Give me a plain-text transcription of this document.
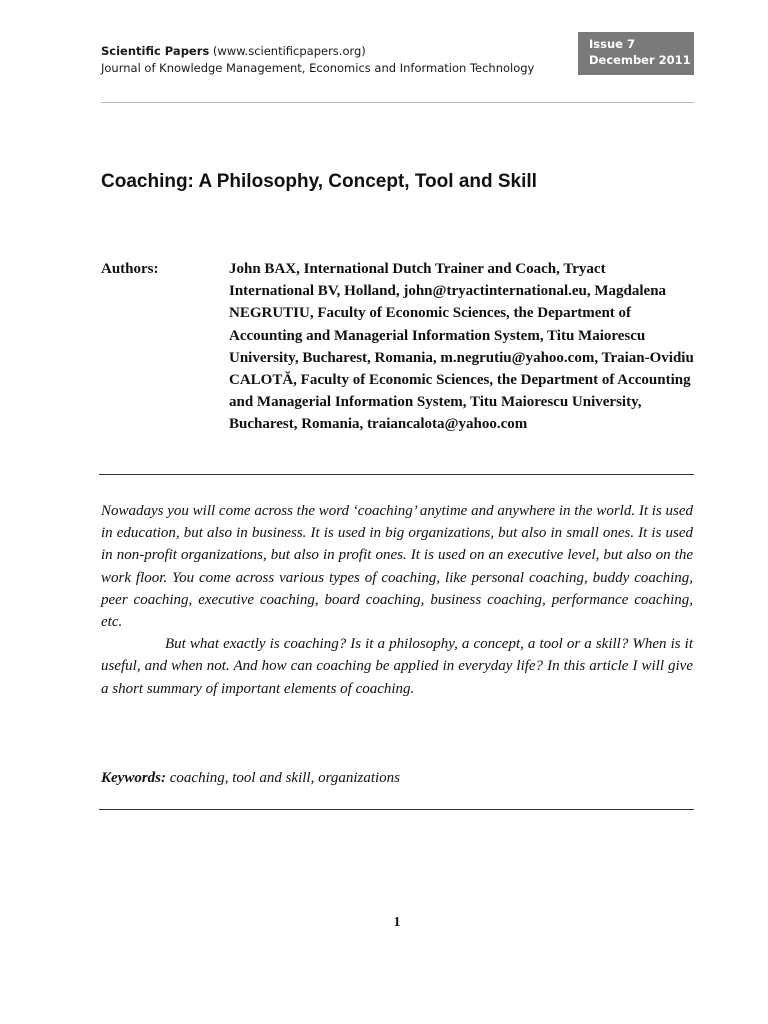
Scientific Papers (www.scientificpapers.org)
Journal of Knowledge Management, Economics and Information Technology
Issue 7
December 2011
Coaching: A Philosophy, Concept, Tool and Skill
Authors:	John BAX, International Dutch Trainer and Coach, Tryact International BV, Holland, john@tryactinternational.eu, Magdalena NEGRUTIU, Faculty of Economic Sciences, the Department of Accounting and Managerial Information System, Titu Maiorescu University, Bucharest, Romania, m.negrutiu@yahoo.com, Traian-Ovidiu CALOTĂ, Faculty of Economic Sciences, the Department of Accounting and Managerial Information System, Titu Maiorescu University, Bucharest, Romania, traiancalota@yahoo.com

Nowadays you will come across the word ‘coaching’ anytime and anywhere in the world. It is used in education, but also in business. It is used in big organizations, but also in small ones. It is used in non-profit organizations, but also in profit ones. It is used on an executive level, but also on the work floor. You come across various types of coaching, like personal coaching, buddy coaching, peer coaching, executive coaching, board coaching, business coaching, performance coaching, etc.

But what exactly is coaching? Is it a philosophy, a concept, a tool or a skill? When is it useful, and when not. And how can coaching be applied in everyday life? In this article I will give a short summary of important elements of coaching.

Keywords: coaching, tool and skill, organizations
1
